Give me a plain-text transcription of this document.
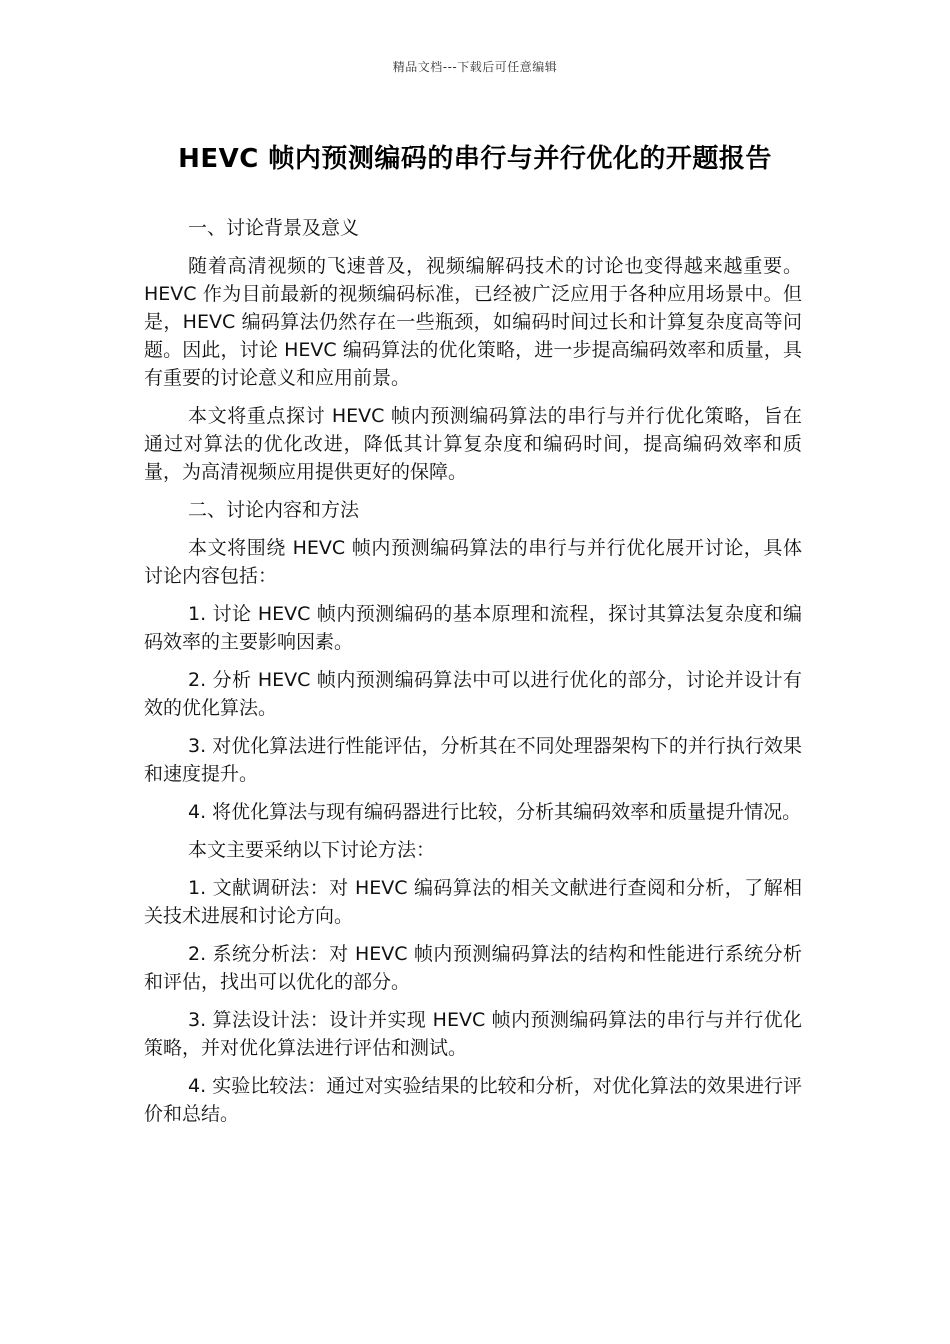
精品文档---下载后可任意编辑
HEVC 帧内预测编码的串行与并行优化的开题报告

一、讨论背景及意义

随着高清视频的飞速普及，视频编解码技术的讨论也变得越来越重要。HEVC 作为目前最新的视频编码标准，已经被广泛应用于各种应用场景中。但是，HEVC 编码算法仍然存在一些瓶颈，如编码时间过长和计算复杂度高等问题。因此，讨论 HEVC 编码算法的优化策略，进一步提高编码效率和质量，具有重要的讨论意义和应用前景。

本文将重点探讨 HEVC 帧内预测编码算法的串行与并行优化策略，旨在通过对算法的优化改进，降低其计算复杂度和编码时间，提高编码效率和质量，为高清视频应用提供更好的保障。

二、讨论内容和方法

本文将围绕 HEVC 帧内预测编码算法的串行与并行优化展开讨论，具体讨论内容包括：

1. 讨论 HEVC 帧内预测编码的基本原理和流程，探讨其算法复杂度和编码效率的主要影响因素。

2. 分析 HEVC 帧内预测编码算法中可以进行优化的部分，讨论并设计有效的优化算法。

3. 对优化算法进行性能评估，分析其在不同处理器架构下的并行执行效果和速度提升。

4. 将优化算法与现有编码器进行比较，分析其编码效率和质量提升情况。

本文主要采纳以下讨论方法：

1. 文献调研法：对 HEVC 编码算法的相关文献进行查阅和分析，了解相关技术进展和讨论方向。

2. 系统分析法：对 HEVC 帧内预测编码算法的结构和性能进行系统分析和评估，找出可以优化的部分。

3. 算法设计法：设计并实现 HEVC 帧内预测编码算法的串行与并行优化策略，并对优化算法进行评估和测试。

4. 实验比较法：通过对实验结果的比较和分析，对优化算法的效果进行评价和总结。
